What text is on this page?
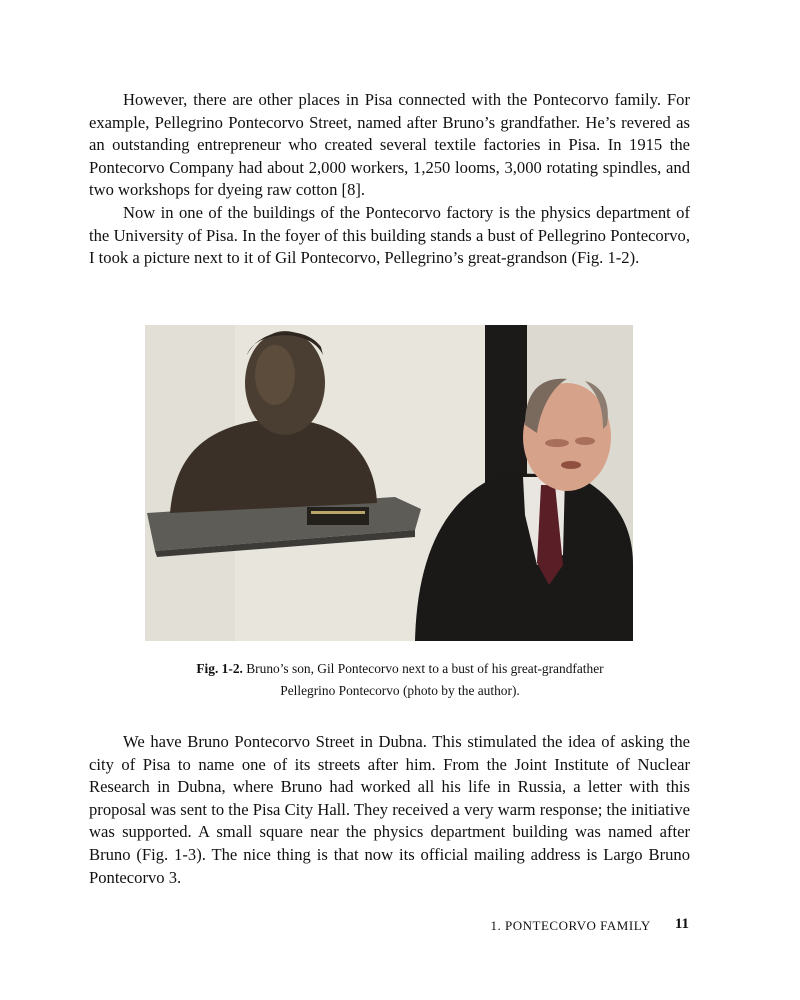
However, there are other places in Pisa connected with the Pontecorvo family. For example, Pellegrino Pontecorvo Street, named after Bruno’s grandfather. He’s revered as an outstanding entrepreneur who created several textile factories in Pisa. In 1915 the Pontecorvo Company had about 2,000 workers, 1,250 looms, 3,000 rotating spindles, and two workshops for dyeing raw cotton [8].

Now in one of the buildings of the Pontecorvo factory is the physics department of the University of Pisa. In the foyer of this building stands a bust of Pellegrino Pontecorvo, I took a picture next to it of Gil Pontecorvo, Pellegrino’s great-grandson (Fig. 1-2).

Fig. 1-2. Bruno’s son, Gil Pontecorvo next to a bust of his great-grandfather
Pellegrino Pontecorvo (photo by the author).

We have Bruno Pontecorvo Street in Dubna. This stimulated the idea of asking the city of Pisa to name one of its streets after him. From the Joint Institute of Nuclear Research in Dubna, where Bruno had worked all his life in Russia, a letter with this proposal was sent to the Pisa City Hall. They received a very warm response; the initiative was supported. A small square near the physics department building was named after Bruno (Fig. 1-3). The nice thing is that now its official mailing address is Largo Bruno Pontecorvo 3.

1. PONTECORVO FAMILY	11
